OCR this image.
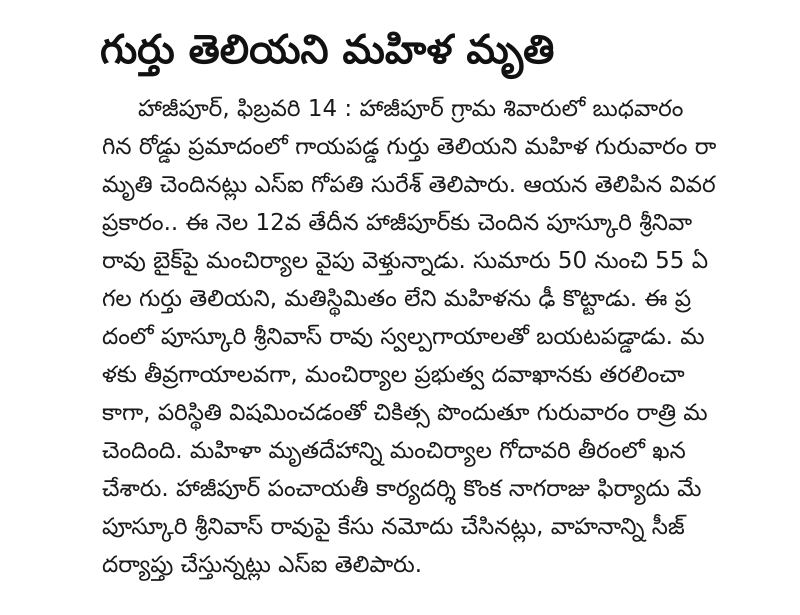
గుర్తు తెలియని మహిళ మృతి
హాజీపూర్, ఫిబ్రవరి 14 : హాజీపూర్ గ్రామ శివారులో బుధవారం
గిన రోడ్డు ప్రమాదంలో గాయపడ్డ గుర్తు తెలియని మహిళ గురువారం రా
మృతి చెందినట్లు ఎస్ఐ గోపతి సురేశ్ తెలిపారు. ఆయన తెలిపిన వివర
ప్రకారం.. ఈ నెల 12వ తేదీన హాజీపూర్‌కు చెందిన పూస్కూరి శ్రీనివా
రావు బైక్‌పై మంచిర్యాల వైపు వెళ్తున్నాడు. సుమారు 50 నుంచి 55 ఏ
గల గుర్తు తెలియని, మతిస్థిమితం లేని మహిళను ఢీ కొట్టాడు. ఈ ప్ర
దంలో పూస్కూరి శ్రీనివాస్ రావు స్వల్పగాయాలతో బయటపడ్డాడు. మ
ళకు తీవ్రగాయాలవగా, మంచిర్యాల ప్రభుత్వ దవాఖానకు తరలించా
కాగా, పరిస్థితి విషమించడంతో చికిత్స పొందుతూ గురువారం రాత్రి మ
చెందింది. మహిళా మృతదేహాన్ని మంచిర్యాల గోదావరి తీరంలో ఖన
చేశారు. హాజీపూర్ పంచాయతీ కార్యదర్శి కొంక నాగరాజు ఫిర్యాదు మే
పూస్కూరి శ్రీనివాస్ రావుపై కేసు నమోదు చేసినట్లు, వాహనాన్ని సీజ్
దర్యాప్తు చేస్తున్నట్లు ఎస్ఐ తెలిపారు.
